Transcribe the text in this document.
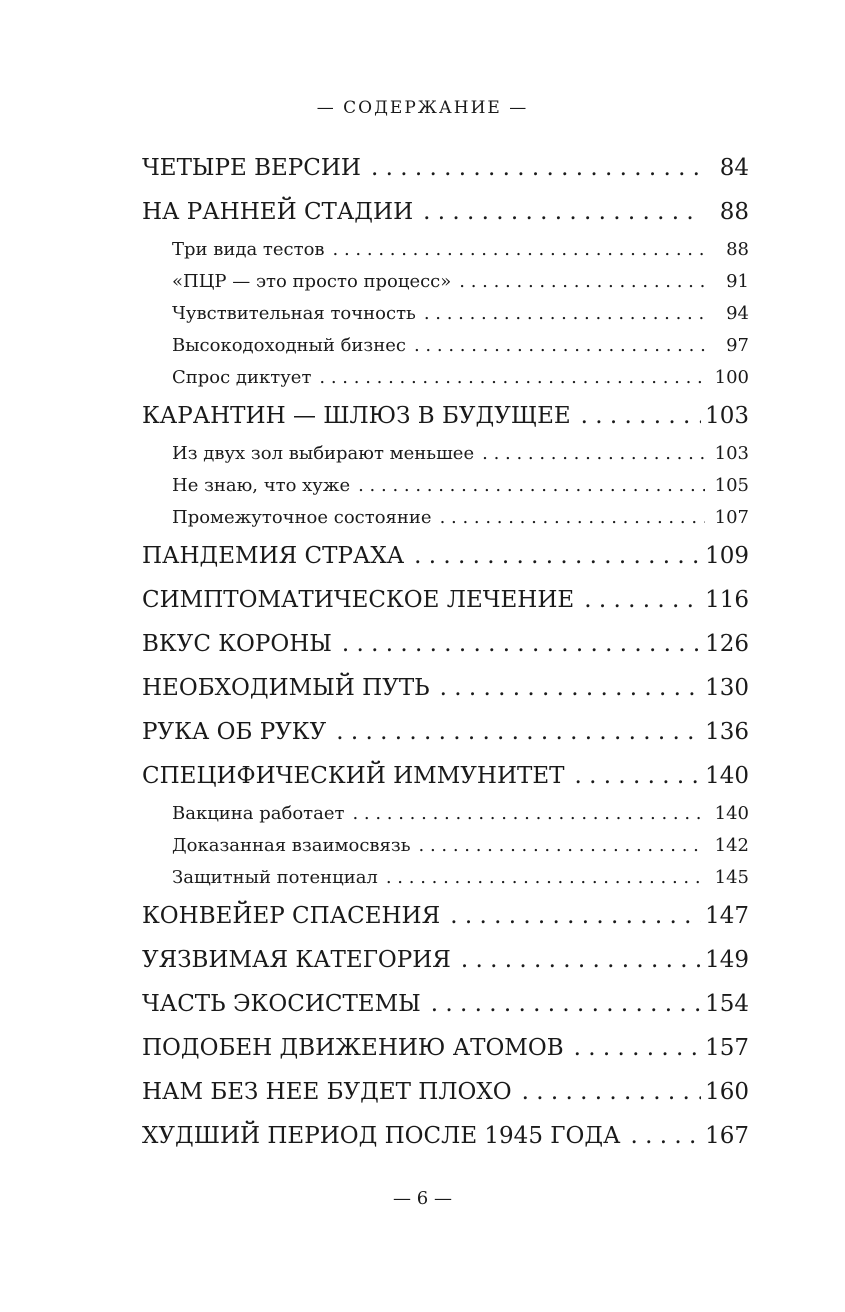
— СОДЕРЖАНИЕ —
ЧЕТЫРЕ ВЕРСИИ . . .	84
НА РАННЕЙ СТАДИИ . . .	88
Три вида тестов . . .	88
«ПЦР — это просто процесс» . . .	91
Чувствительная точность . . .	94
Высокодоходный бизнес . . .	97
Спрос диктует . . .	100
КАРАНТИН — ШЛЮЗ В БУДУЩЕЕ . . .	103
Из двух зол выбирают меньшее . . .	103
Не знаю, что хуже . . .	105
Промежуточное состояние . . .	107
ПАНДЕМИЯ СТРАХА . . .	109
СИМПТОМАТИЧЕСКОЕ ЛЕЧЕНИЕ . . .	116
ВКУС КОРОНЫ . . .	126
НЕОБХОДИМЫЙ ПУТЬ . . .	130
РУКА ОБ РУКУ . . .	136
СПЕЦИФИЧЕСКИЙ ИММУНИТЕТ . . .	140
Вакцина работает . . .	140
Доказанная взаимосвязь . . .	142
Защитный потенциал . . .	145
КОНВЕЙЕР СПАСЕНИЯ . . .	147
УЯЗВИМАЯ КАТЕГОРИЯ . . .	149
ЧАСТЬ ЭКОСИСТЕМЫ . . .	154
ПОДОБЕН ДВИЖЕНИЮ АТОМОВ . . .	157
НАМ БЕЗ НЕЕ БУДЕТ ПЛОХО . . .	160
ХУДШИЙ ПЕРИОД ПОСЛЕ 1945 ГОДА . . .	167
— 6 —
